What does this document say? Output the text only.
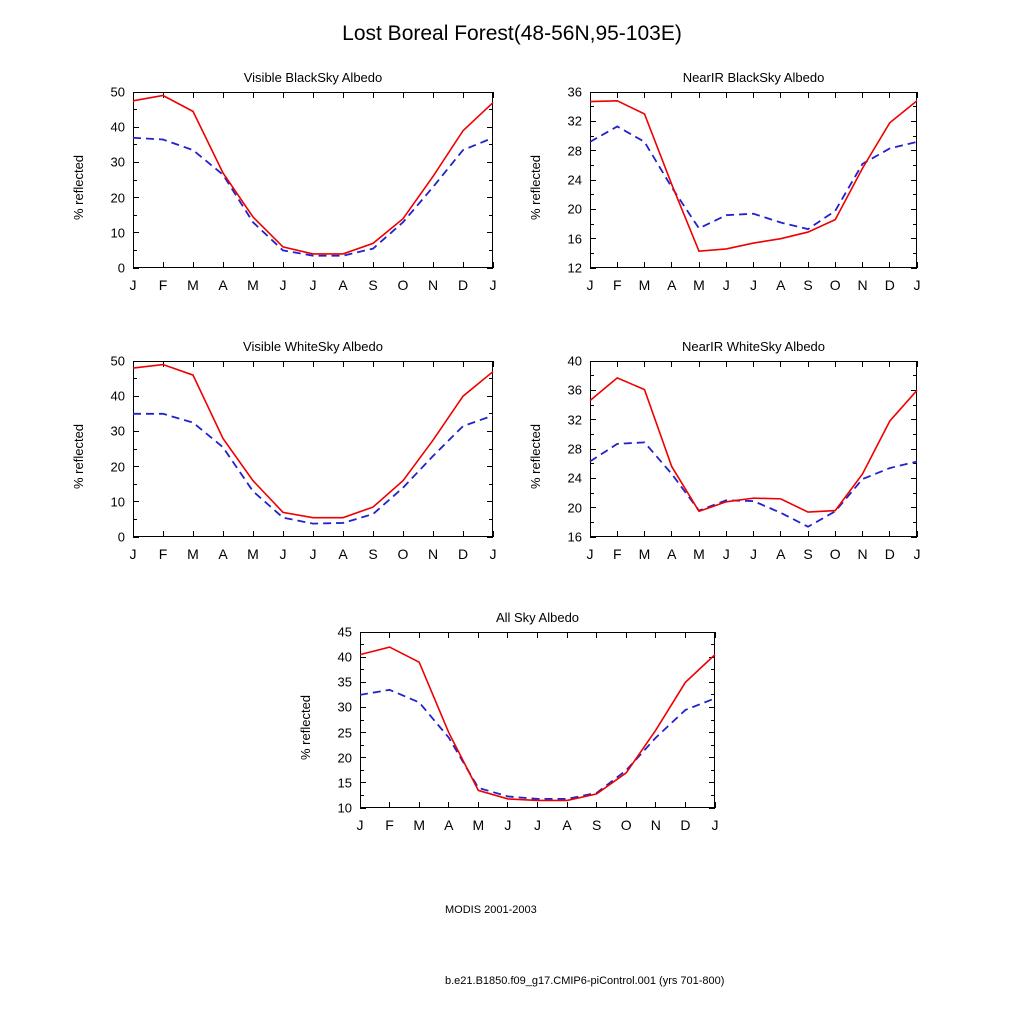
Lost Boreal Forest(48-56N,95-103E)
Visible BlackSky Albedo
% reflected
0
10
20
30
40
50
J F M A M J J A S O N D J
NearIR BlackSky Albedo
% reflected
12
16
20
24
28
32
36
J F M A M J J A S O N D J
Visible WhiteSky Albedo
% reflected
0
10
20
30
40
50
J F M A M J J A S O N D J
NearIR WhiteSky Albedo
% reflected
16
20
24
28
32
36
40
J F M A M J J A S O N D J
All Sky Albedo
% reflected
10
15
20
25
30
35
40
45
J F M A M J J A S O N D J
MODIS 2001-2003
b.e21.B1850.f09_g17.CMIP6-piControl.001 (yrs 701-800)
